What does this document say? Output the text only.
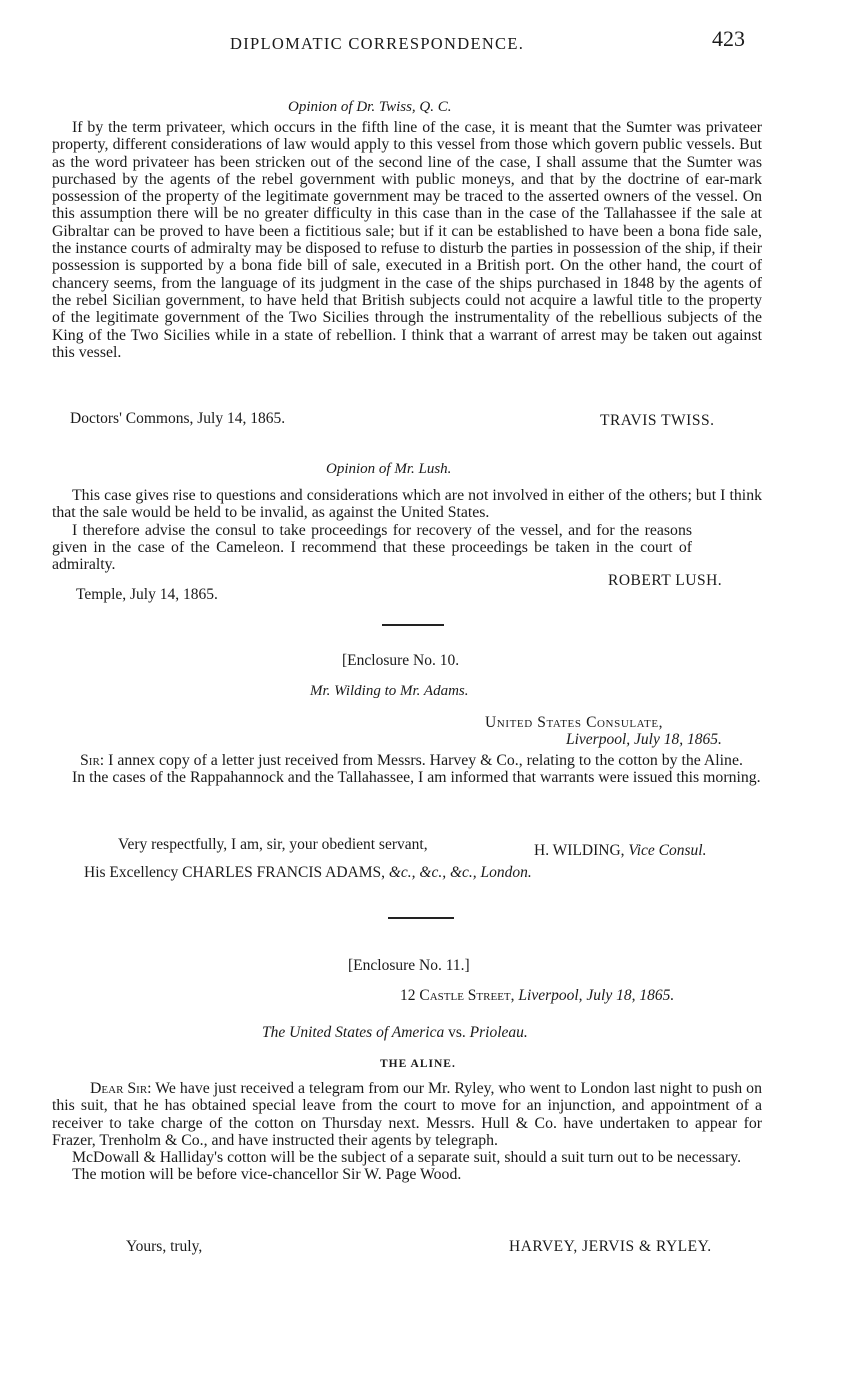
DIPLOMATIC CORRESPONDENCE.	423
Opinion of Dr. Twiss, Q. C.

If by the term privateer, which occurs in the fifth line of the case, it is meant that the Sumter was privateer property, different considerations of law would apply to this vessel from those which govern public vessels. But as the word privateer has been stricken out of the second line of the case, I shall assume that the Sumter was purchased by the agents of the rebel government with public moneys, and that by the doctrine of ear-mark possession of the property of the legitimate government may be traced to the asserted owners of the vessel. On this assumption there will be no greater difficulty in this case than in the case of the Tallahassee if the sale at Gibraltar can be proved to have been a fictitious sale; but if it can be established to have been a bona fide sale, the instance courts of admiralty may be disposed to refuse to disturb the parties in possession of the ship, if their possession is supported by a bona fide bill of sale, executed in a British port. On the other hand, the court of chancery seems, from the language of its judgment in the case of the ships purchased in 1848 by the agents of the rebel Sicilian government, to have held that British subjects could not acquire a lawful title to the property of the legitimate government of the Two Sicilies through the instrumentality of the rebellious subjects of the King of the Two Sicilies while in a state of rebellion. I think that a warrant of arrest may be taken out against this vessel.

Doctors' Commons, July 14, 1865.	TRAVIS TWISS.
Opinion of Mr. Lush.

This case gives rise to questions and considerations which are not involved in either of the others; but I think that the sale would be held to be invalid, as against the United States.

I therefore advise the consul to take proceedings for recovery of the vessel, and for the reasons given in the case of the Cameleon. I recommend that these proceedings be taken in the court of admiralty.

ROBERT LUSH.
Temple, July 14, 1865.
[Enclosure No. 10.
Mr. Wilding to Mr. Adams.
United States Consulate,
Liverpool, July 18, 1865.

Sir: I annex copy of a letter just received from Messrs. Harvey & Co., relating to the cotton by the Aline.

In the cases of the Rappahannock and the Tallahassee, I am informed that warrants were issued this morning.

Very respectfully, I am, sir, your obedient servant,	H. WILDING, Vice Consul.
His Excellency CHARLES FRANCIS ADAMS, &c., &c., &c., London.
[Enclosure No. 11.]
12 Castle Street, Liverpool, July 18, 1865.
The United States of America vs. Prioleau.
THE ALINE.

Dear Sir: We have just received a telegram from our Mr. Ryley, who went to London last night to push on this suit, that he has obtained special leave from the court to move for an injunction, and appointment of a receiver to take charge of the cotton on Thursday next. Messrs. Hull & Co. have undertaken to appear for Frazer, Trenholm & Co., and have instructed their agents by telegraph.

McDowall & Halliday's cotton will be the subject of a separate suit, should a suit turn out to be necessary.

The motion will be before vice-chancellor Sir W. Page Wood.

Yours, truly,	HARVEY, JERVIS & RYLEY.
